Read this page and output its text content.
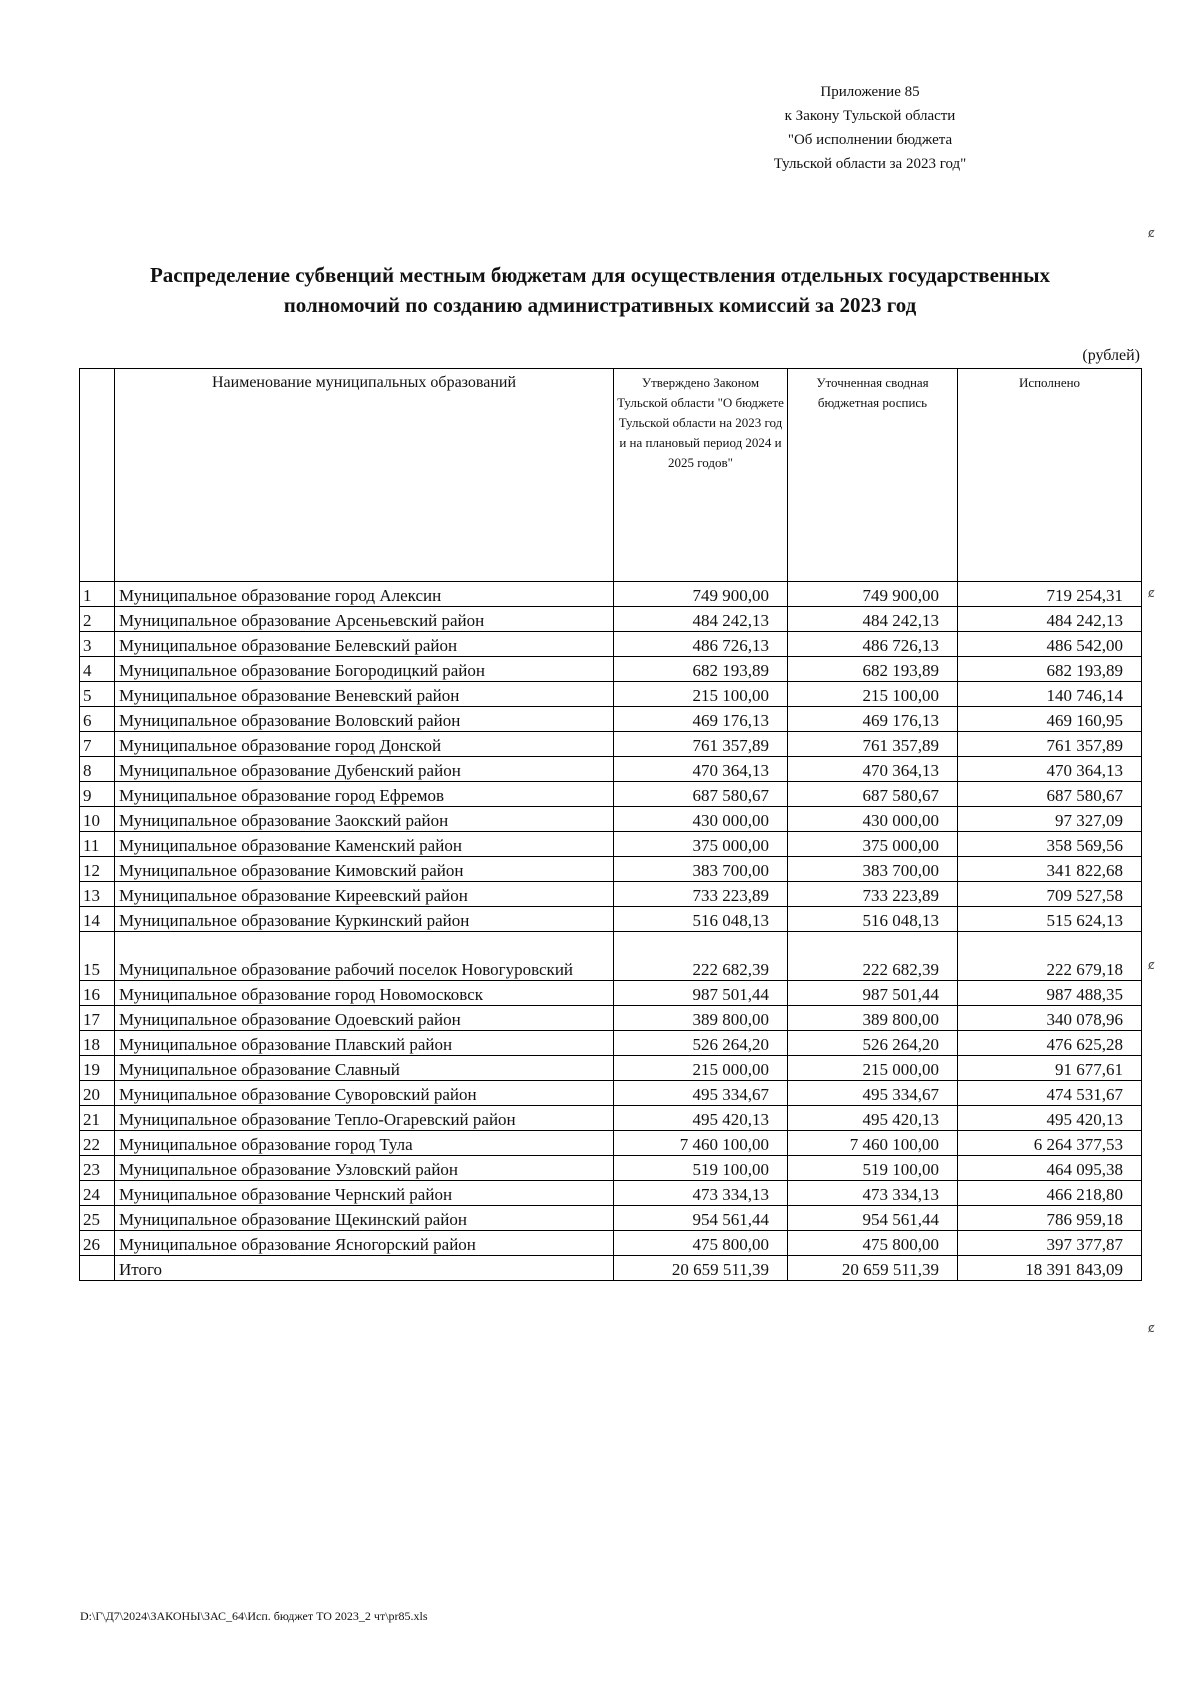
Приложение 85
к Закону Тульской области
"Об исполнении бюджета
Тульской области за 2023 год"
ȼ
ȼ
ȼ
ȼ
Распределение субвенций местным бюджетам для осуществления отдельных государственных
полномочий по созданию административных комиссий за 2023 год
(рублей)
	Наименование муниципальных образований	Утверждено Законом Тульской области "О бюджете Тульской области на 2023 год и на плановый период 2024 и 2025 годов"	Уточненная сводная бюджетная роспись	Исполнено
1	Муниципальное образование город Алексин	749 900,00	749 900,00	719 254,31
2	Муниципальное образование Арсеньевский район	484 242,13	484 242,13	484 242,13
3	Муниципальное образование Белевский район	486 726,13	486 726,13	486 542,00
4	Муниципальное образование Богородицкий район	682 193,89	682 193,89	682 193,89
5	Муниципальное образование Веневский район	215 100,00	215 100,00	140 746,14
6	Муниципальное образование Воловский район	469 176,13	469 176,13	469 160,95
7	Муниципальное образование город Донской	761 357,89	761 357,89	761 357,89
8	Муниципальное образование Дубенский район	470 364,13	470 364,13	470 364,13
9	Муниципальное образование город Ефремов	687 580,67	687 580,67	687 580,67
10	Муниципальное образование Заокский район	430 000,00	430 000,00	97 327,09
11	Муниципальное образование Каменский район	375 000,00	375 000,00	358 569,56
12	Муниципальное образование Кимовский район	383 700,00	383 700,00	341 822,68
13	Муниципальное образование Киреевский район	733 223,89	733 223,89	709 527,58
14	Муниципальное образование Куркинский район	516 048,13	516 048,13	515 624,13
15	Муниципальное образование рабочий поселок Новогуровский	222 682,39	222 682,39	222 679,18
16	Муниципальное образование город Новомосковск	987 501,44	987 501,44	987 488,35
17	Муниципальное образование Одоевский район	389 800,00	389 800,00	340 078,96
18	Муниципальное образование Плавский район	526 264,20	526 264,20	476 625,28
19	Муниципальное образование Славный	215 000,00	215 000,00	91 677,61
20	Муниципальное образование Суворовский район	495 334,67	495 334,67	474 531,67
21	Муниципальное образование Тепло-Огаревский район	495 420,13	495 420,13	495 420,13
22	Муниципальное образование город Тула	7 460 100,00	7 460 100,00	6 264 377,53
23	Муниципальное образование Узловский район	519 100,00	519 100,00	464 095,38
24	Муниципальное образование Чернский район	473 334,13	473 334,13	466 218,80
25	Муниципальное образование Щекинский район	954 561,44	954 561,44	786 959,18
26	Муниципальное образование Ясногорский район	475 800,00	475 800,00	397 377,87
	Итого	20 659 511,39	20 659 511,39	18 391 843,09
D:\Г\Д7\2024\ЗАКОНЫ\ЗАС_64\Исп. бюджет ТО 2023_2 чт\pr85.xls
